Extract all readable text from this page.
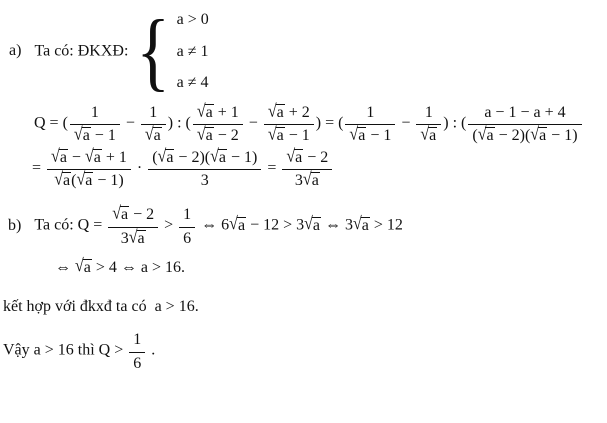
a) Ta có: ĐKXĐ: { a > 0
a ≠ 1
a ≠ 4
Q = ( $\frac{1}{√a - 1} - \frac{1}{√a}$ ) : ( $\frac{√a + 1}{√a - 2} - \frac{√a + 2}{√a - 1}$ ) = ( $\frac{1}{√a - 1} - \frac{1}{√a}$ ) : ( $\frac{a - 1 - a + 4}{(√a - 2)(√a - 1)}$
= $\frac{√a - √a + 1}{√a(√a - 1)} \cdot \frac{(√a - 2)(√a - 1)}{3} = \frac{√a - 2}{3√a}$
b) Ta có: $Q = \frac{√a - 2}{3√a} > \frac{1}{6}$ ⇔ 6√a − 12 > 3√a ⇔ 3√a > 12
⇔ √a > 4 ⇔ a > 16.
kết hợp với đkxđ ta có  a > 16.
Vậy a > 16 thì $Q > \frac{1}{6}$ .
